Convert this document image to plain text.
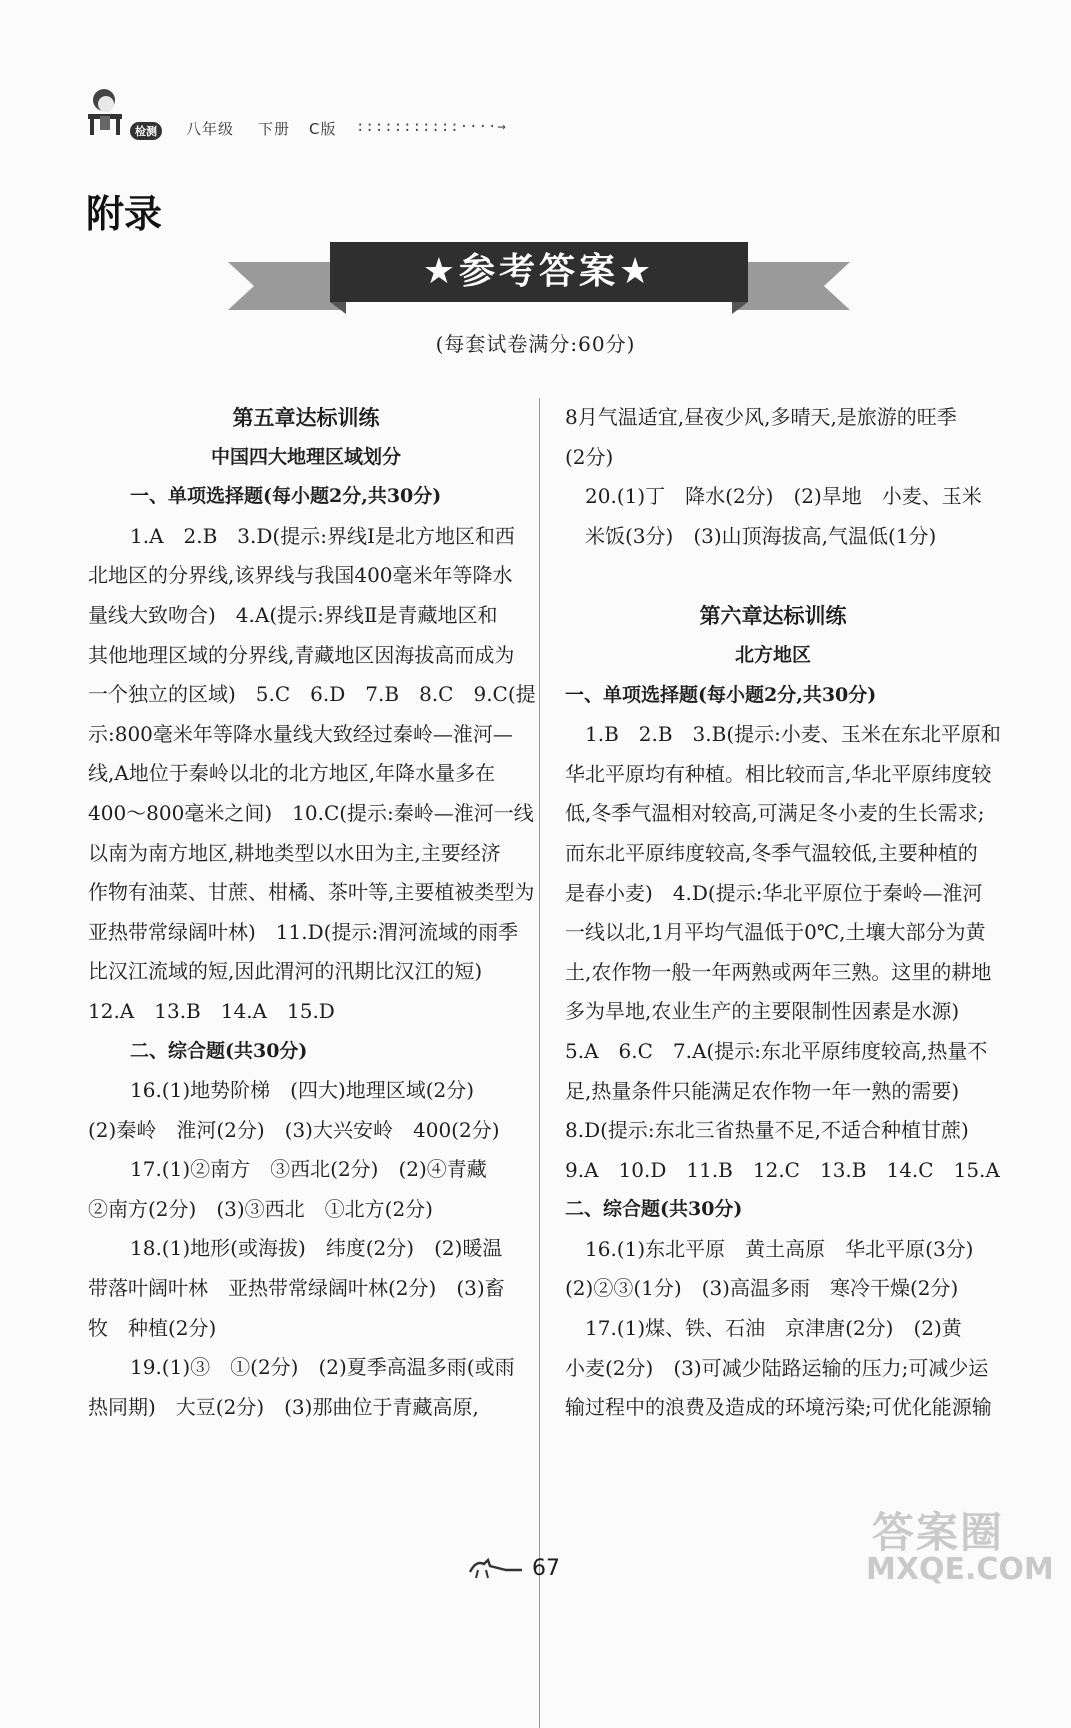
检测	八年级 下册 C版 :::::::::::····→
附录
★参考答案★
(每套试卷满分:60分)

第五章达标训练

中国四大地理区域划分

一、单项选择题(每小题2分,共30分)

1.A　2.B　3.D(提示:界线Ⅰ是北方地区和西

北地区的分界线,该界线与我国400毫米年等降水

量线大致吻合)　4.A(提示:界线Ⅱ是青藏地区和

其他地理区域的分界线,青藏地区因海拔高而成为

一个独立的区域)　5.C　6.D　7.B　8.C　9.C(提

示:800毫米年等降水量线大致经过秦岭—淮河—

线,A地位于秦岭以北的北方地区,年降水量多在

400～800毫米之间)　10.C(提示:秦岭—淮河一线

以南为南方地区,耕地类型以水田为主,主要经济

作物有油菜、甘蔗、柑橘、茶叶等,主要植被类型为

亚热带常绿阔叶林)　11.D(提示:渭河流域的雨季

比汉江流域的短,因此渭河的汛期比汉江的短)

12.A　13.B　14.A　15.D

二、综合题(共30分)

16.(1)地势阶梯　(四大)地理区域(2分)

(2)秦岭　淮河(2分)　(3)大兴安岭　400(2分)

17.(1)②南方　③西北(2分)　(2)④青藏

②南方(2分)　(3)③西北　①北方(2分)

18.(1)地形(或海拔)　纬度(2分)　(2)暖温

带落叶阔叶林　亚热带常绿阔叶林(2分)　(3)畜

牧　种植(2分)

19.(1)③　①(2分)　(2)夏季高温多雨(或雨

热同期)　大豆(2分)　(3)那曲位于青藏高原,

8月气温适宜,昼夜少风,多晴天,是旅游的旺季

(2分)

20.(1)丁　降水(2分)　(2)旱地　小麦、玉米

米饭(3分)　(3)山顶海拔高,气温低(1分)

第六章达标训练

北方地区

一、单项选择题(每小题2分,共30分)

1.B　2.B　3.B(提示:小麦、玉米在东北平原和

华北平原均有种植。相比较而言,华北平原纬度较

低,冬季气温相对较高,可满足冬小麦的生长需求;

而东北平原纬度较高,冬季气温较低,主要种植的

是春小麦)　4.D(提示:华北平原位于秦岭—淮河

一线以北,1月平均气温低于0℃,土壤大部分为黄

土,农作物一般一年两熟或两年三熟。这里的耕地

多为旱地,农业生产的主要限制性因素是水源)

5.A　6.C　7.A(提示:东北平原纬度较高,热量不

足,热量条件只能满足农作物一年一熟的需要)

8.D(提示:东北三省热量不足,不适合种植甘蔗)

9.A　10.D　11.B　12.C　13.B　14.C　15.A

二、综合题(共30分)

16.(1)东北平原　黄土高原　华北平原(3分)

(2)②③(1分)　(3)高温多雨　寒冷干燥(2分)

17.(1)煤、铁、石油　京津唐(2分)　(2)黄

小麦(2分)　(3)可减少陆路运输的压力;可减少运

输过程中的浪费及造成的环境污染;可优化能源输

67
答案圈
MXQE.COM
